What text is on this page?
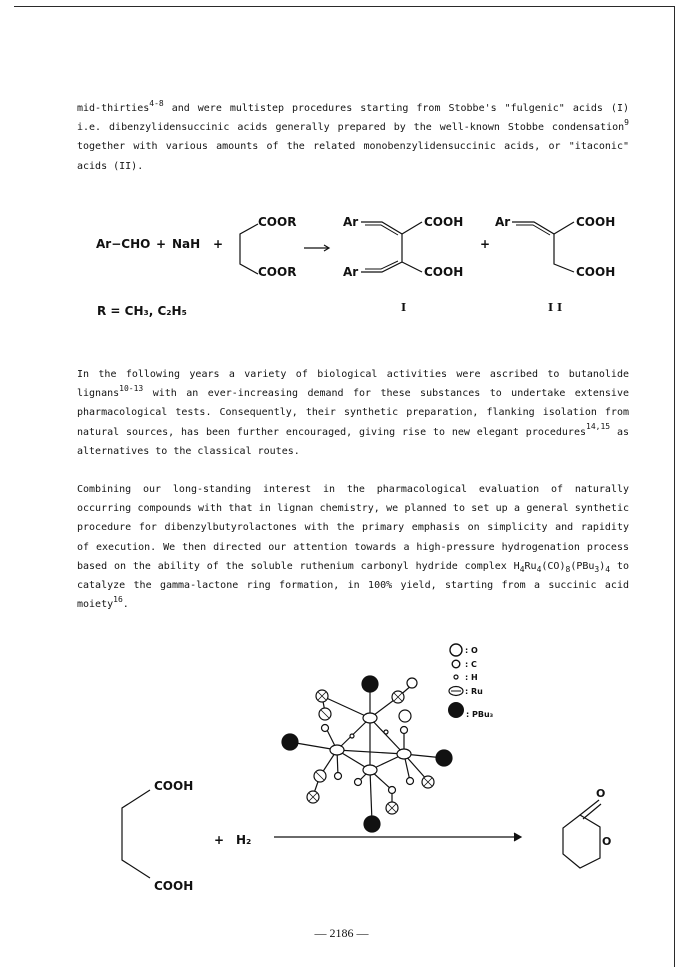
mid-thirties$^{4-8}$ and were multistep procedures starting from Stobbe's "fulgenic" acids (I) i.e. dibenzylidensuccinic acids generally prepared by the well-known Stobbe condensation$^9$ together with various amounts of the related monobenzylidensuccinic acids, or "itaconic" acids (II).

Ar−CHO + NaH +
COOR
COOR
Ar	COOH
Ar	COOH
I
+
Ar	COOH
COOH
I I
R = CH₃, C₂H₅

In the following years a variety of biological activities were ascribed to butanolide lignans$^{10-13}$ with an ever-increasing demand for these substances to undertake extensive pharmacological tests. Consequently, their synthetic preparation, flanking isolation from natural sources, has been further encouraged, giving rise to new elegant procedures$^{14,15}$ as alternatives to the classical routes.

Combining our long-standing interest in the pharmacological evaluation of naturally occurring compounds with that in lignan chemistry, we planned to set up a general synthetic procedure for dibenzylbutyrolactones with the primary emphasis on simplicity and rapidity of execution. We then directed our attention towards a high-pressure hydrogenation process based on the ability of the soluble ruthenium carbonyl hydride complex $H_4Ru_4(CO)_8(PBu_3)_4$ to catalyze the gamma-lactone ring formation, in 100% yield, starting from a succinic acid moiety$^{16}$.

: O
: C
: H
: Ru
: PBu₃
COOH
COOH
+ H₂
O
O
— 2186 —
